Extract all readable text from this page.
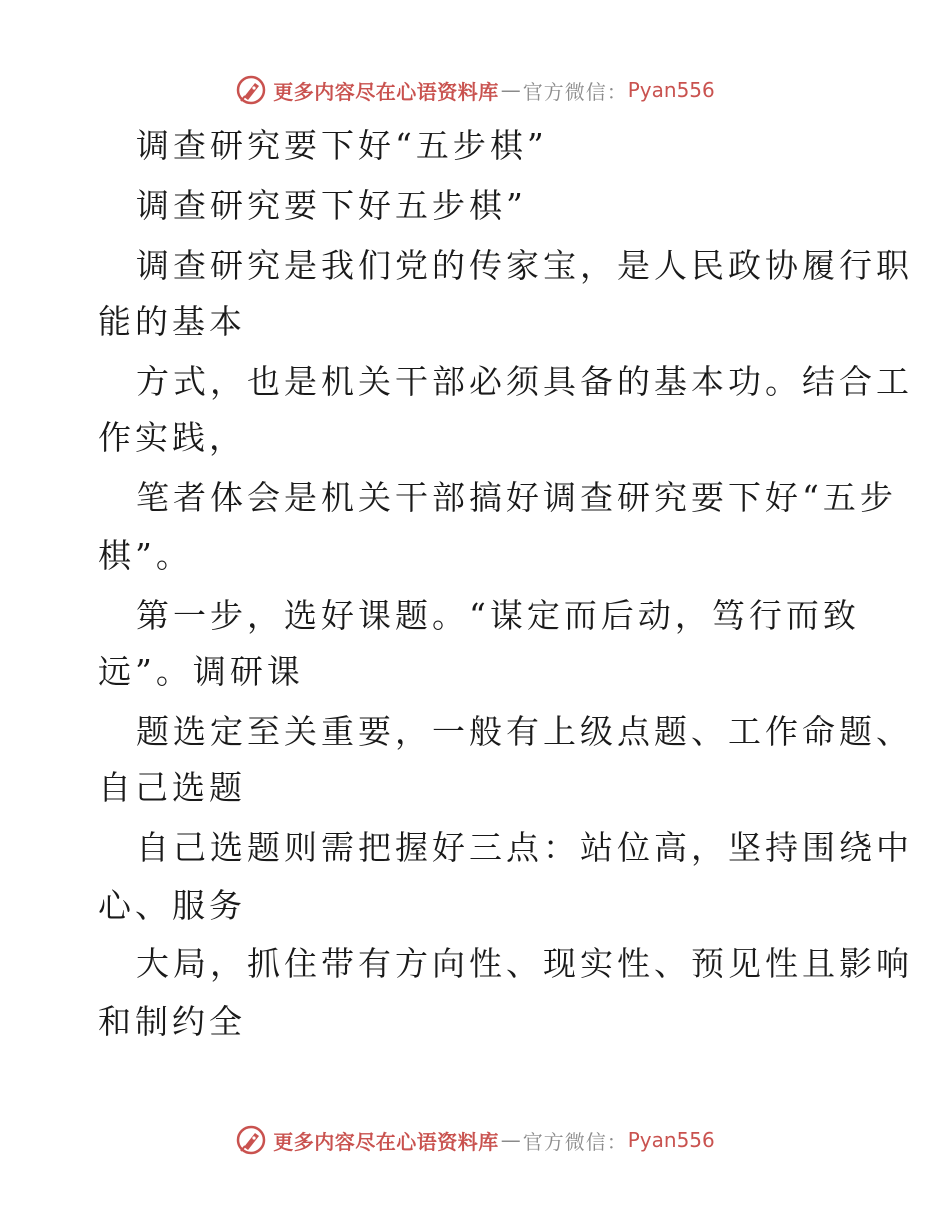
更多内容尽在心语资料库 — 官方微信： Pyan556
调查研究要下好“五步棋”
调查研究要下好五步棋”
调查研究是我们党的传家宝，是人民政协履行职
能的基本
方式，也是机关干部必须具备的基本功。结合工
作实践，
笔者体会是机关干部搞好调查研究要下好“五步
棋”。
第一步，选好课题。“谋定而后动，笃行而致
远”。调研课
题选定至关重要，一般有上级点题、工作命题、
自己选题
自己选题则需把握好三点：站位高，坚持围绕中
心、服务
大局，抓住带有方向性、现实性、预见性且影响
和制约全
更多内容尽在心语资料库 — 官方微信： Pyan556
